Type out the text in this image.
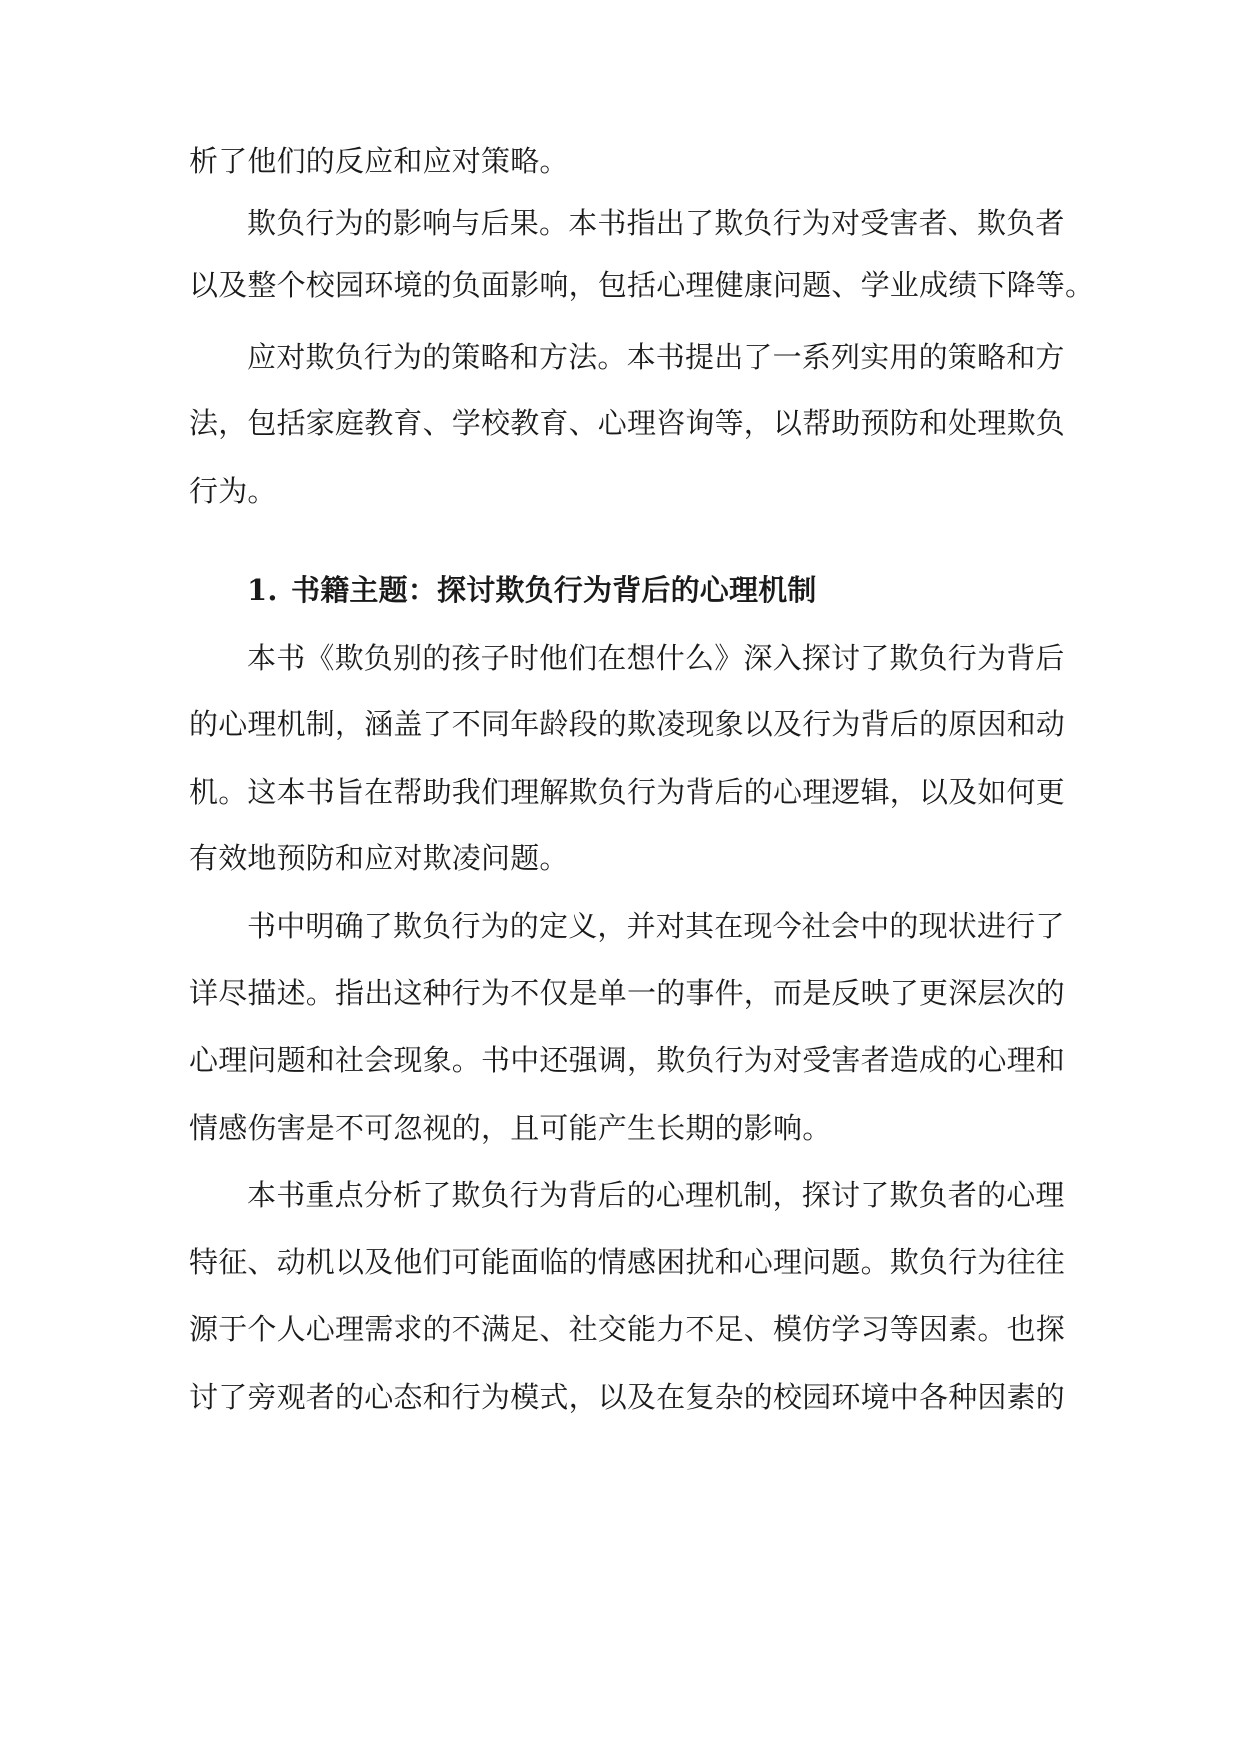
析了他们的反应和应对策略。
欺负行为的影响与后果。本书指出了欺负行为对受害者、欺负者
以及整个校园环境的负面影响，包括心理健康问题、学业成绩下降等。
应对欺负行为的策略和方法。本书提出了一系列实用的策略和方
法，包括家庭教育、学校教育、心理咨询等，以帮助预防和处理欺负
行为。
1. 书籍主题：探讨欺负行为背后的心理机制
本书《欺负别的孩子时他们在想什么》深入探讨了欺负行为背后
的心理机制，涵盖了不同年龄段的欺凌现象以及行为背后的原因和动
机。这本书旨在帮助我们理解欺负行为背后的心理逻辑，以及如何更
有效地预防和应对欺凌问题。
书中明确了欺负行为的定义，并对其在现今社会中的现状进行了
详尽描述。指出这种行为不仅是单一的事件，而是反映了更深层次的
心理问题和社会现象。书中还强调，欺负行为对受害者造成的心理和
情感伤害是不可忽视的，且可能产生长期的影响。
本书重点分析了欺负行为背后的心理机制，探讨了欺负者的心理
特征、动机以及他们可能面临的情感困扰和心理问题。欺负行为往往
源于个人心理需求的不满足、社交能力不足、模仿学习等因素。也探
讨了旁观者的心态和行为模式，以及在复杂的校园环境中各种因素的
